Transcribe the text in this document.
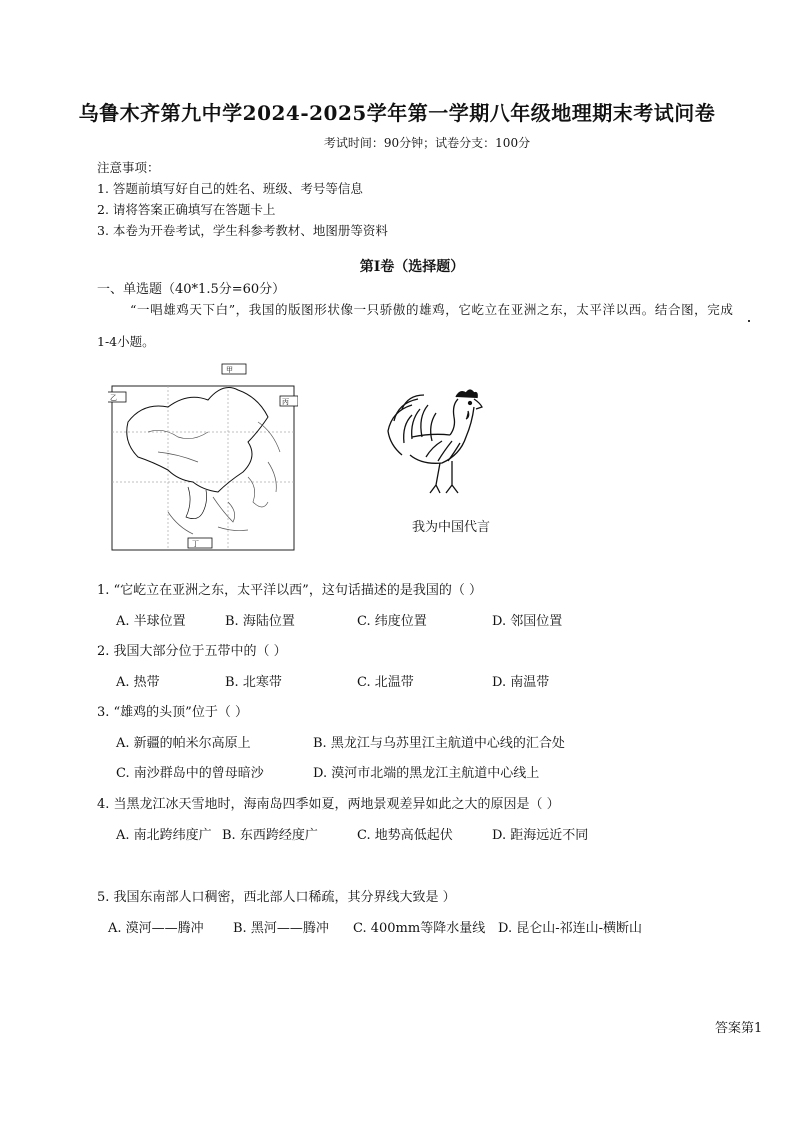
乌鲁木齐第九中学2024-2025学年第一学期八年级地理期末考试问卷
考试时间：90分钟；试卷分支：100分
注意事项：
1. 答题前填写好自己的姓名、班级、考号等信息
2. 请将答案正确填写在答题卡上
3. 本卷为开卷考试，学生科参考教材、地图册等资料
第Ⅰ卷（选择题）
一、单选题（40*1.5分=60分）
“一唱雄鸡天下白”，我国的版图形状像一只骄傲的雄鸡，它屹立在亚洲之东，太平洋以西。结合图，完成
1-4小题。
甲
乙	丙
丁
我为中国代言
1. “它屹立在亚洲之东，太平洋以西”，这句话描述的是我国的（ ）
A. 半球位置	B. 海陆位置	C. 纬度位置	D. 邻国位置
2. 我国大部分位于五带中的（ ）
A. 热带	B. 北寒带	C. 北温带	D. 南温带
3. “雄鸡的头顶”位于（ ）
A. 新疆的帕米尔高原上	B. 黑龙江与乌苏里江主航道中心线的汇合处
C. 南沙群岛中的曾母暗沙	D. 漠河市北端的黑龙江主航道中心线上
4. 当黑龙江冰天雪地时，海南岛四季如夏，两地景观差异如此之大的原因是（ ）
A. 南北跨纬度广 B. 东西跨经度广	C. 地势高低起伏	D. 距海远近不同
5. 我国东南部人口稠密，西北部人口稀疏，其分界线大致是 ）
A. 漠河——腾冲 B. 黑河——腾冲 C. 400mm等降水量线 D. 昆仑山-祁连山-横断山
答案第1
